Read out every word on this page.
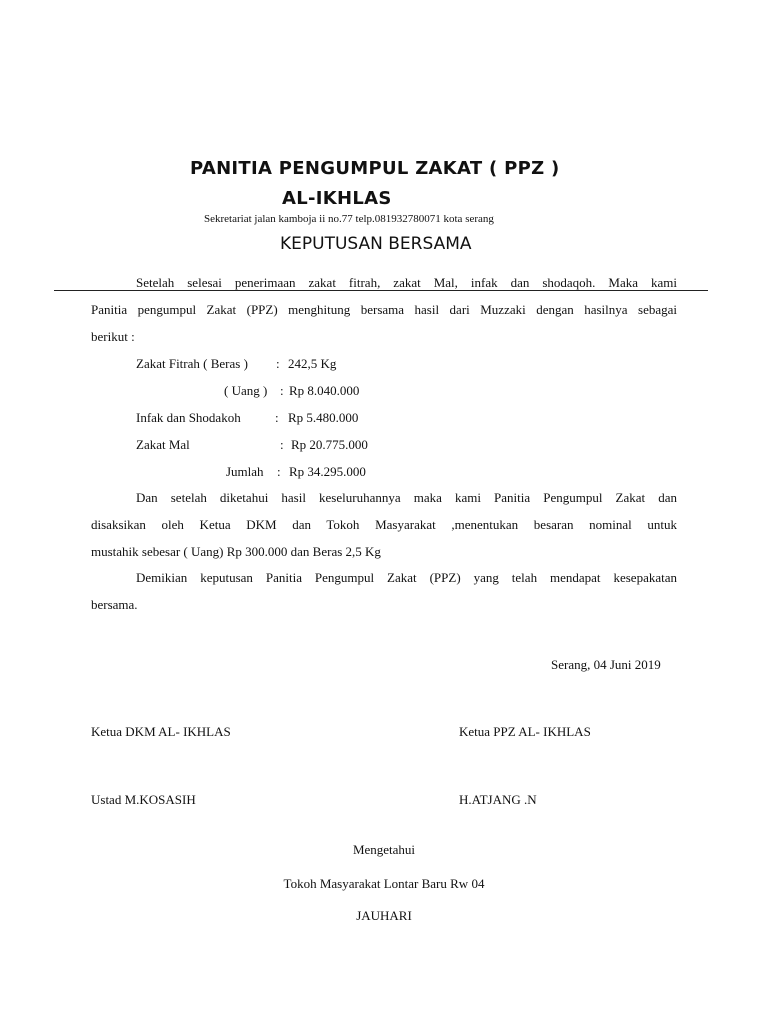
PANITIA PENGUMPUL ZAKAT ( PPZ )
AL-IKHLAS
Sekretariat jalan kamboja ii no.77 telp.081932780071 kota serang
KEPUTUSAN BERSAMA
Setelah selesai penerimaan zakat fitrah, zakat Mal, infak dan shodaqoh. Maka kami
Panitia pengumpul Zakat (PPZ) menghitung bersama hasil dari Muzzaki dengan hasilnya sebagai
berikut :
Zakat Fitrah ( Beras ) : 242,5 Kg
( Uang ) : Rp 8.040.000
Infak dan Shodakoh	: Rp 5.480.000
Zakat Mal	: Rp 20.775.000
Jumlah : Rp 34.295.000
Dan setelah diketahui hasil keseluruhannya maka kami Panitia Pengumpul Zakat dan
disaksikan oleh Ketua DKM dan Tokoh Masyarakat ,menentukan besaran nominal untuk
mustahik sebesar ( Uang) Rp 300.000 dan Beras 2,5 Kg
Demikian keputusan Panitia Pengumpul Zakat (PPZ) yang telah mendapat kesepakatan
bersama.
Serang, 04 Juni 2019
Ketua DKM AL- IKHLAS	Ketua PPZ AL- IKHLAS
Ustad M.KOSASIH	H.ATJANG .N
Mengetahui
Tokoh Masyarakat Lontar Baru Rw 04
JAUHARI
